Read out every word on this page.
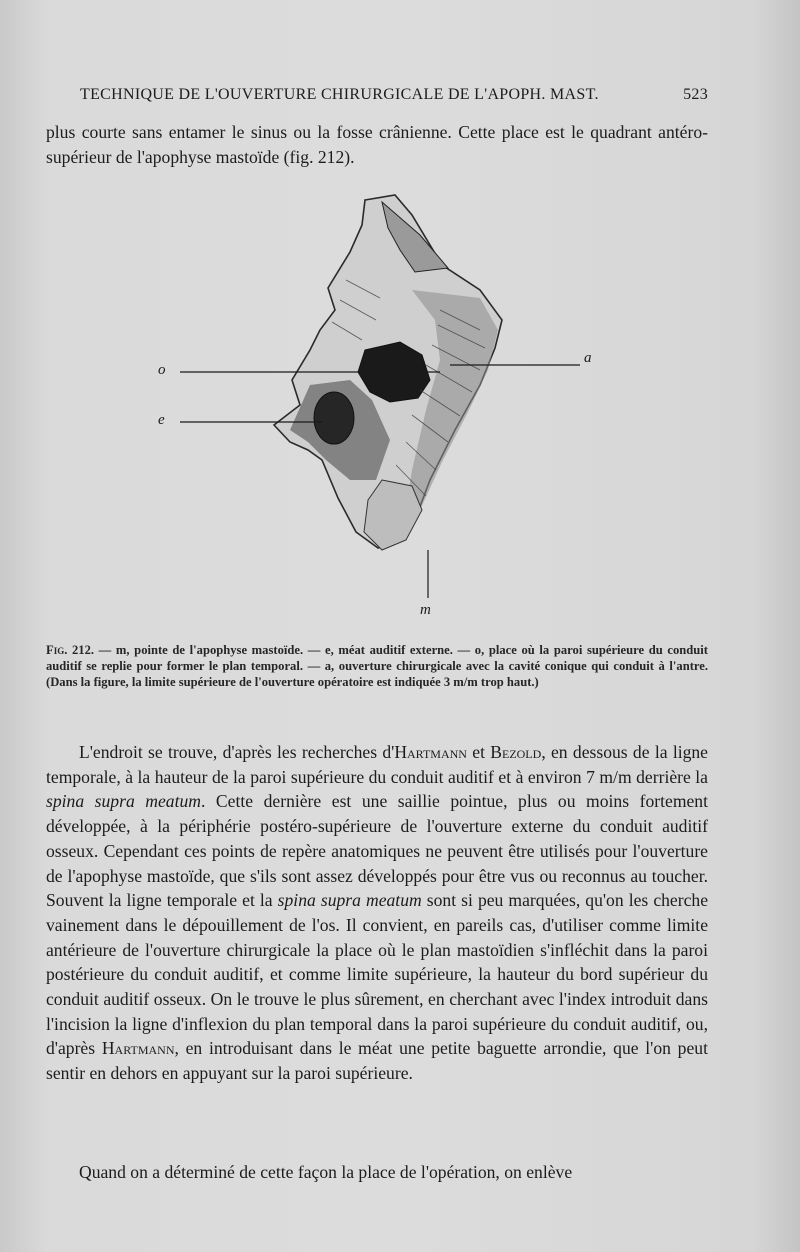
TECHNIQUE DE L'OUVERTURE CHIRURGICALE DE L'APOPH. MAST.	523
plus courte sans entamer le sinus ou la fosse crânienne. Cette place est le quadrant antéro-supérieur de l'apophyse mastoïde (fig. 212).
o
a
e
m
Fig. 212. — m, pointe de l'apophyse mastoïde. — e, méat auditif externe. — o, place où la paroi supérieure du conduit auditif se replie pour former le plan temporal. — a, ouverture chirurgicale avec la cavité conique qui conduit à l'antre. (Dans la figure, la limite supérieure de l'ouverture opératoire est indiquée 3 m/m trop haut.)
L'endroit se trouve, d'après les recherches d'Hartmann et Bezold, en dessous de la ligne temporale, à la hauteur de la paroi supérieure du conduit auditif et à environ 7 m/m derrière la spina supra meatum. Cette dernière est une saillie pointue, plus ou moins fortement développée, à la périphérie postéro-supérieure de l'ouverture externe du conduit auditif osseux. Cependant ces points de repère anatomiques ne peuvent être utilisés pour l'ouverture de l'apophyse mastoïde, que s'ils sont assez développés pour être vus ou reconnus au toucher. Souvent la ligne temporale et la spina supra meatum sont si peu marquées, qu'on les cherche vainement dans le dépouillement de l'os. Il convient, en pareils cas, d'utiliser comme limite antérieure de l'ouverture chirurgicale la place où le plan mastoïdien s'infléchit dans la paroi postérieure du conduit auditif, et comme limite supérieure, la hauteur du bord supérieur du conduit auditif osseux. On le trouve le plus sûrement, en cherchant avec l'index introduit dans l'incision la ligne d'inflexion du plan temporal dans la paroi supérieure du conduit auditif, ou, d'après Hartmann, en introduisant dans le méat une petite baguette arrondie, que l'on peut sentir en dehors en appuyant sur la paroi supérieure.
Quand on a déterminé de cette façon la place de l'opération, on enlève
